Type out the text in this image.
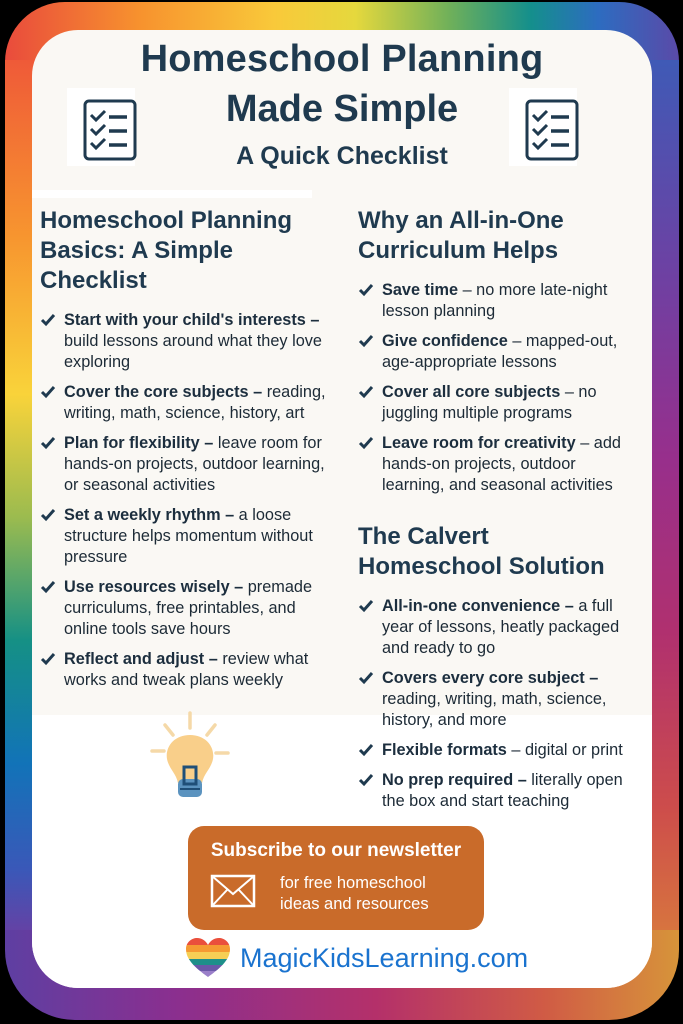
Homeschool Planning
Made Simple
A Quick Checklist
Homeschool Planning
Basics: A Simple
Checklist
Start with your child's interests – build lessons around what they love exploring
Cover the core subjects – reading, writing, math, science, history, art
Plan for flexibility – leave room for hands-on projects, outdoor learning, or seasonal activities
Set a weekly rhythm – a loose structure helps momentum without pressure
Use resources wisely – premade curriculums, free printables, and online tools save hours
Reflect and adjust – review what works and tweak plans weekly
Why an All-in-One
Curriculum Helps
Save time – no more late-night lesson planning
Give confidence – mapped-out, age-appropriate lessons
Cover all core subjects – no juggling multiple programs
Leave room for creativity – add hands-on projects, outdoor learning, and seasonal activities
The Calvert
Homeschool Solution
All-in-one convenience – a full year of lessons, heatly packaged and ready to go
Covers every core subject – reading, writing, math, science, history, and more
Flexible formats – digital or print
No prep required – literally open the box and start teaching
Subscribe to our newsletter
for free homeschool
ideas and resources
MagicKidsLearning.com
